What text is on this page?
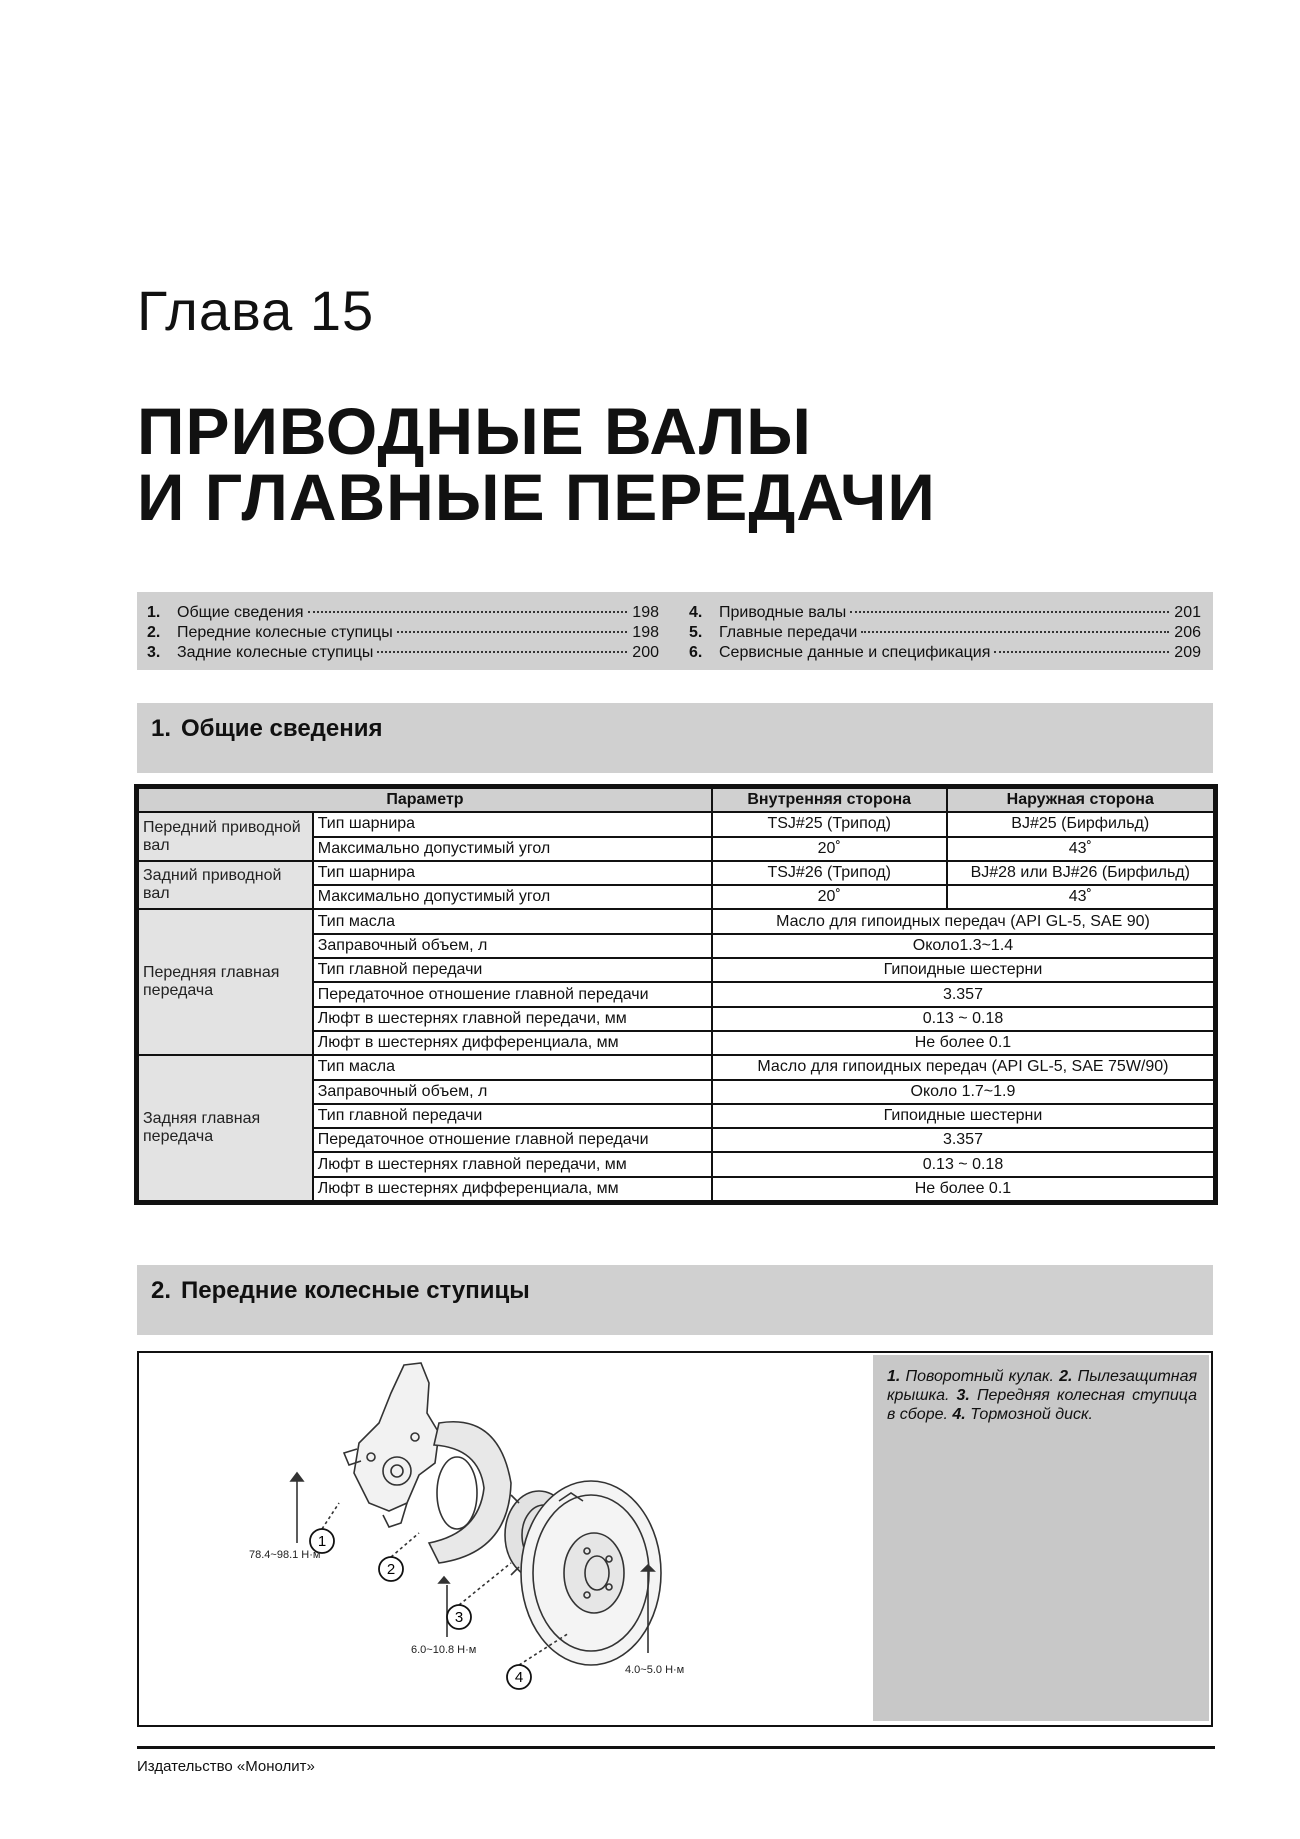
Глава 15
ПРИВОДНЫЕ ВАЛЫ
И ГЛАВНЫЕ ПЕРЕДАЧИ
1.	Общие сведения	198
2.	Передние колесные ступицы	198
3.	Задние колесные ступицы	200
4.	Приводные валы	201
5.	Главные передачи	206
6.	Сервисные данные и спецификация	209
1. Общие сведения
Параметр		Внутренняя сторона	Наружная сторона
Передний приводной вал	Тип шарнира	TSJ#25 (Трипод)	BJ#25 (Бирфильд)
	Максимально допустимый угол	20˚	43˚
Задний приводной вал	Тип шарнира	TSJ#26 (Трипод)	BJ#28 или BJ#26 (Бирфильд)
	Максимально допустимый угол	20˚	43˚
Передняя главная передача	Тип масла	Масло для гипоидных передач (API GL-5, SAE 90)	
	Заправочный объем, л	Около1.3~1.4	
	Тип главной передачи	Гипоидные шестерни	
	Передаточное отношение главной передачи	3.357	
	Люфт в шестернях главной передачи, мм	0.13 ~ 0.18	
	Люфт в шестернях дифференциала, мм	Не более 0.1	
Задняя главная передача	Тип масла	Масло для гипоидных передач (API GL-5, SAE 75W/90)	
	Заправочный объем, л	Около 1.7~1.9	
	Тип главной передачи	Гипоидные шестерни	
	Передаточное отношение главной передачи	3.357	
	Люфт в шестернях главной передачи, мм	0.13 ~ 0.18	
	Люфт в шестернях дифференциала, мм	Не более 0.1	
2. Передние колесные ступицы
1
2
3
4
78.4~98.1 Н·м
6.0~10.8 Н·м
4.0~5.0 Н·м
1. Поворотный кулак. 2. Пылезащитная крышка. 3. Передняя колесная ступица в сборе. 4. Тормозной диск.
Издательство «Монолит»
